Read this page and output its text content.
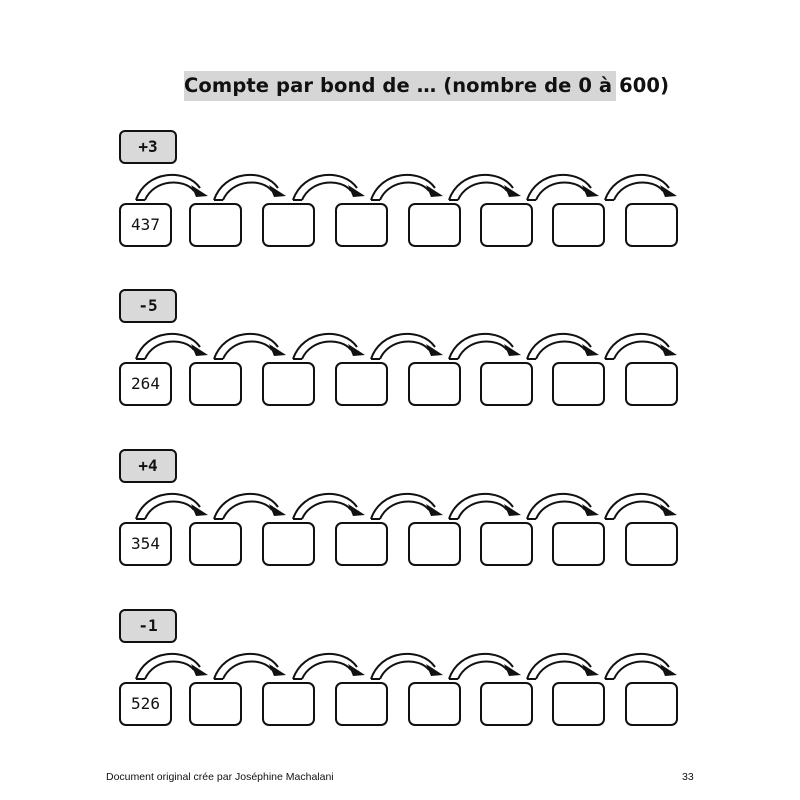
Compte par bond de … (nombre de 0 à 600)
+3
437
-5
264
+4
354
-1
526
Document original crée par Joséphine Machalani	33
